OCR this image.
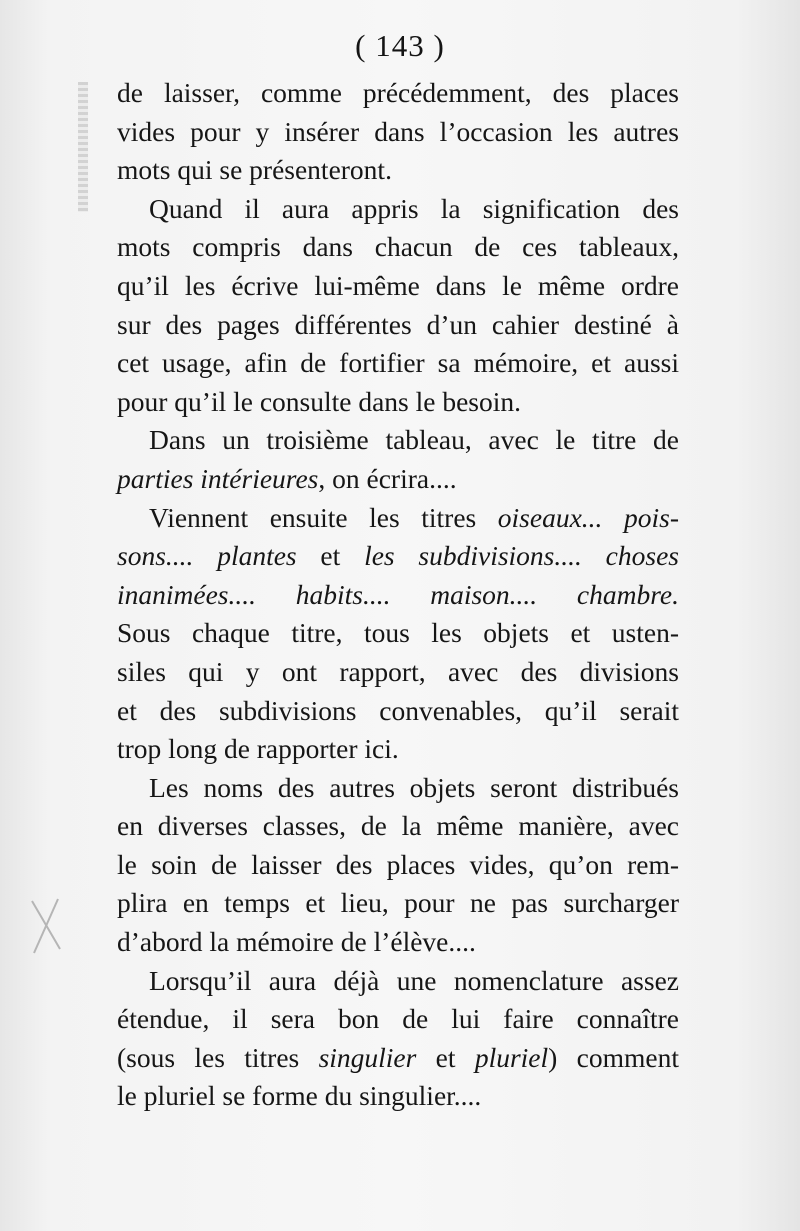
( 143 )
de laisser, comme précédemment, des places
vides pour y insérer dans l’occasion les autres
mots qui se présenteront.
Quand il aura appris la signification des
mots compris dans chacun de ces tableaux,
qu’il les écrive lui-même dans le même ordre
sur des pages différentes d’un cahier destiné à
cet usage, afin de fortifier sa mémoire, et aussi
pour qu’il le consulte dans le besoin.
Dans un troisième tableau, avec le titre de
parties intérieures, on écrira....
Viennent ensuite les titres oiseaux... pois-
sons.... plantes et les subdivisions.... choses
inanimées.... habits.... maison.... chambre.
Sous chaque titre, tous les objets et usten-
siles qui y ont rapport, avec des divisions
et des subdivisions convenables, qu’il serait
trop long de rapporter ici.
Les noms des autres objets seront distribués
en diverses classes, de la même manière, avec
le soin de laisser des places vides, qu’on rem-
plira en temps et lieu, pour ne pas surcharger
d’abord la mémoire de l’élève....
Lorsqu’il aura déjà une nomenclature assez
étendue, il sera bon de lui faire connaître
(sous les titres singulier et pluriel) comment
le pluriel se forme du singulier....
